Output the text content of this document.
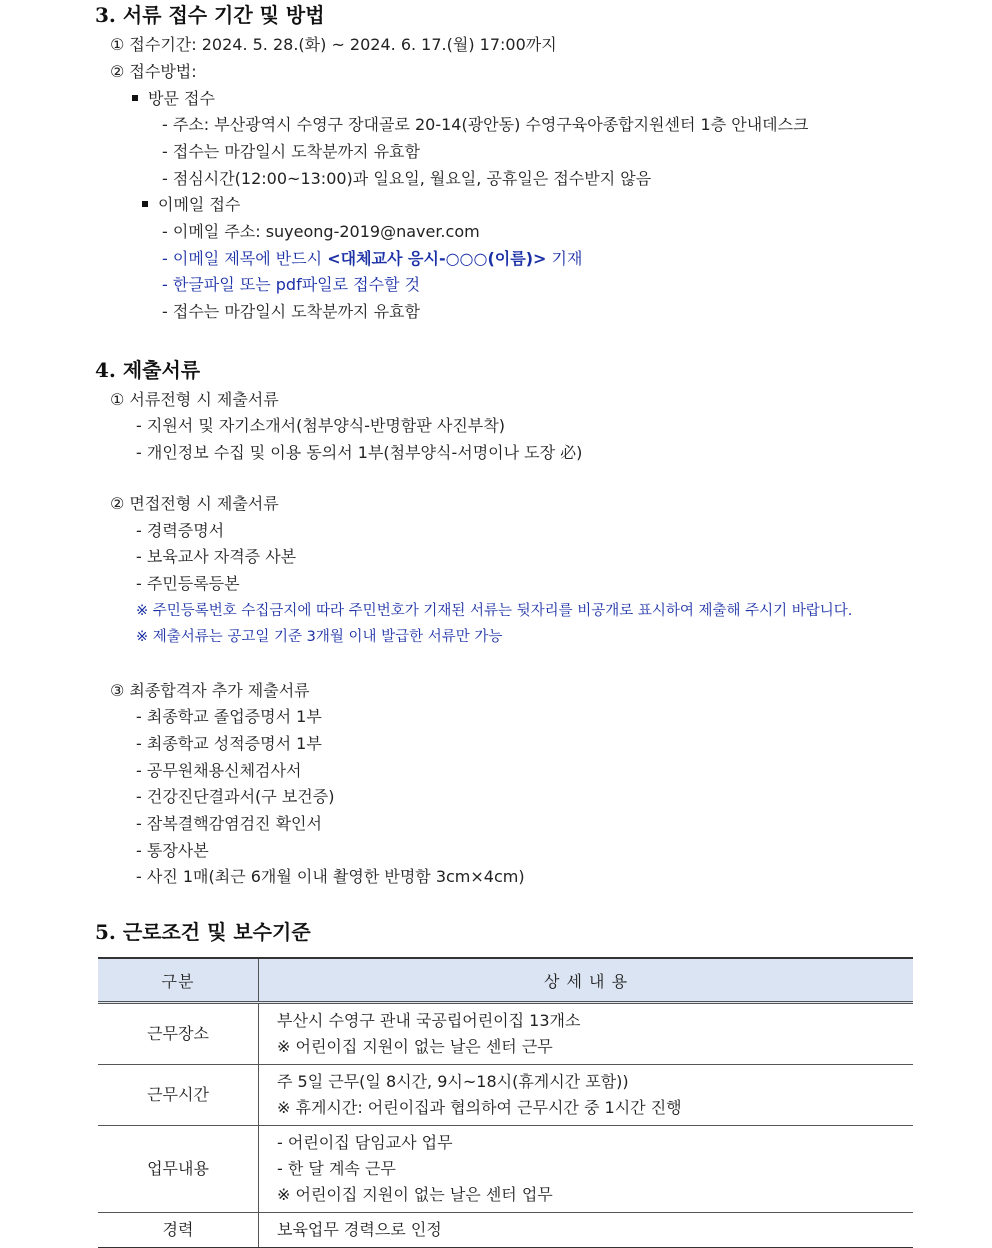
3. 서류 접수 기간 및 방법
① 접수기간: 2024. 5. 28.(화) ~ 2024. 6. 17.(월) 17:00까지
② 접수방법:
방문 접수
- 주소: 부산광역시 수영구 장대골로 20-14(광안동) 수영구육아종합지원센터 1층 안내데스크
- 접수는 마감일시 도착분까지 유효함
- 점심시간(12:00~13:00)과 일요일, 월요일, 공휴일은 접수받지 않음
이메일 접수
- 이메일 주소: suyeong-2019@naver.com
- 이메일 제목에 반드시 <대체교사 응시-○○○(이름)> 기재
- 한글파일 또는 pdf파일로 접수할 것
- 접수는 마감일시 도착분까지 유효함
4. 제출서류
① 서류전형 시 제출서류
- 지원서 및 자기소개서(첨부양식-반명함판 사진부착)
- 개인정보 수집 및 이용 동의서 1부(첨부양식-서명이나 도장 必)
② 면접전형 시 제출서류
- 경력증명서
- 보육교사 자격증 사본
- 주민등록등본
※ 주민등록번호 수집금지에 따라 주민번호가 기재된 서류는 뒷자리를 비공개로 표시하여 제출해 주시기 바랍니다.
※ 제출서류는 공고일 기준 3개월 이내 발급한 서류만 가능
③ 최종합격자 추가 제출서류
- 최종학교 졸업증명서 1부
- 최종학교 성적증명서 1부
- 공무원채용신체검사서
- 건강진단결과서(구 보건증)
- 잠복결핵감염검진 확인서
- 통장사본
- 사진 1매(최근 6개월 이내 촬영한 반명함 3cm×4cm)
5. 근로조건 및 보수기준
구분	상 세 내 용
근무장소	부산시 수영구 관내 국공립어린이집 13개소
※ 어린이집 지원이 없는 날은 센터 근무

근무시간	주 5일 근무(일 8시간, 9시~18시(휴게시간 포함))
※ 휴게시간: 어린이집과 협의하여 근무시간 중 1시간 진행

업무내용	- 어린이집 담임교사 업무
- 한 달 계속 근무
※ 어린이집 지원이 없는 날은 센터 업무

경력	보육업무 경력으로 인정
